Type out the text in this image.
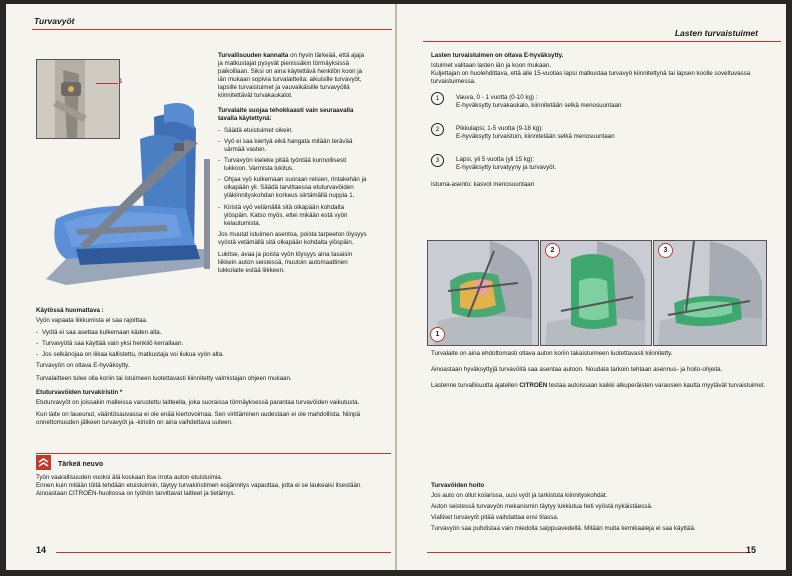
Turvavyöt
1

Turvallisuuden kannalta on hyvin tärkeää, että ajaja ja matkustajat pysyvät pienissäkin törmäyksissä paikoillaan. Siksi on aina käytettävä henkilön koon ja iän mukaan sopivia turvalaitteita: aikuisille turvavyöt, lapsille turvaistuimet ja vauvaikäisille turvavyöllä kiinnitettävät turvakaukalot.

Turvalaite suojaa tehokkaasti vain seuraavalla tavalla käytettynä:

- Säädä etuistuimet oikein.
- Vyö ei saa kiertyä eikä hangata mitään terävää särmää vasten.
- Turvavyön kieleke pitää työntää kunnollisesti lukkoon. Varmista lukitus.
- Ohjaa vyö kulkemaan suoraan reisien, rintakehän ja olkapään yli. Säädä tarvittaessa etuturvavöiden yläkiinnityskohdan korkeus siirtämällä nuppia 1.
- Kiristä vyö vetämällä sitä olkapään kohdalta ylöspäin. Katso myös, ettei mikään estä vyön kelautumista.

Jos muutat istuimen asentoa, poista tarpeeton löysyys vyöstä vetämällä sitä olkapään kohdalta ylöspäin.

Lukitse, avaa ja poista vyön löysyys aina tasaisin liikkein auton seistessä, muutoin automaattinen lukkolaite estää liikkeen.

Käytössä huomattava :

Vyön vapaata liikkumista ei saa rajoittaa.

- Vyötä ei saa asettaa kulkemaan käden alta.
- Turvavyötä saa käyttää vain yksi henkilö kerrallaan.
- Jos selkänojaa on liikaa kallistettu, matkustaja voi liukua vyön alta.

Turvavyön on oltava E-hyväksytty.

Turvalaitteen tulee olla koriin tai istuimeen luotettavasti kiinnitetty valmistajan ohjeen mukaan.

Etuturvavöiden turvakiristin *

Etuturvavyöt on joissakin malleissa varustettu laitteella, joka suoraissa törmäyksessä parantaa turvavöiden vaikutusta.

Kun laite on laueunut, vääntösauvassa ei ole enää kiertovoimaa. Sen virittäminen uudestaan ei ole mahdollista. Niinpä onnettomuuden jälkeen turvavyöt ja -kiristin on aina vaihdettava uuteen.

Tärkeä neuvo

Työn vaarallisuuden vuoksi älä koskaan itse irrota auton etuistuimia.

Ennen kuin mitään töitä tehdään etuistuimiin, täytyy turvakiristimen esijännitys vapauttaa, jotta ei se laukeaisi itsestään.

Ainoastaan CITROËN-huollossa on työhön tarvittavat laitteet ja tietämys.

14
Lasten turvaistuimet

Lasten turvaistuimen on oltava E-hyväksytty.

Istuimet valitaan lasten iän ja koon mukaan.

Kuljettajan on huolehdittava, että alle 15-vuotias lapsi matkustaa turvavyö kiinnitettynä tai lapsen koolle soveltuvassa turvaistuimessa.

1	Vauva, 0 - 1 vuotta (0-10 kg) :
E-hyväksytty turvakaukalo, kiinnitetään selkä menosuuntaan
2	Pikkulapsi, 1-5 vuotta (9-18 kg):
E-hyväksytty turvaistuin, kiinnitetään selkä menosuuntaan
3	Lapsi, yli 5 vuotta (yli 15 kg):
E-hyväksytty turvatyyny ja turvavyöt.

Istuma-asento: kasvot menosuuntaan

1
2	3

Turvalaite on aina ehdottomasti oltava auton koriin takaistuimeen luotettavasti kiinnitetty.

Ainoastaan hyväksyttyjä turvavöitä saa asentaa autoon. Noudata tarkoin tehtaan asennus- ja hoito-ohjeita.

Lastenne turvallisuutta ajatellen CITROËN testaa autoissaan kaikki alkuperäisten varaosien kautta myytävät turvaistuimet.

Turvavöiden hoito

Jos auto on ollut kolarissa, uusi vyöt ja tarkistuta kiinnityskohdat.

Auton seistessä turvavyön mekanismin täytyy lukkiutua heti vyöstä nykäistäessä.

Vialliset turvavyöt pitää vaihdattaa ensi tilassa.

Turvavyön saa puhdistaa vain miedolla saippuavedellä. Mitään muita kemikaaleja ei saa käyttää.

15
